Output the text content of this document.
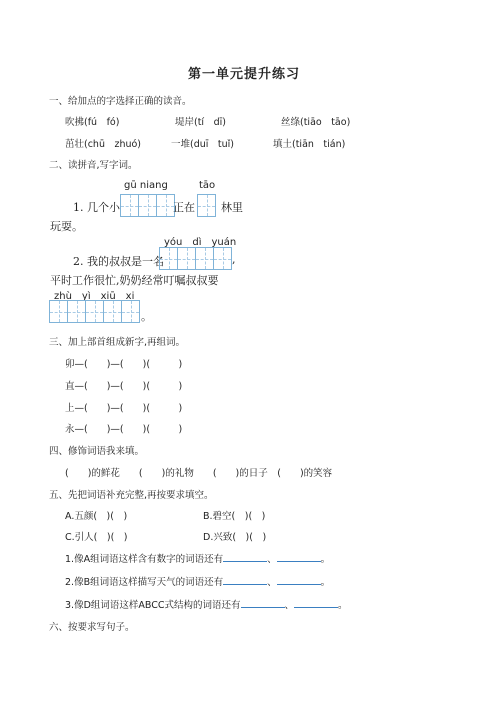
第一单元提升练习
一、给加点的字选择正确的读音。
吹拂(fú　fó)	堤岸(tí　dī)	丝绦(tiāo　tāo)
茁壮(chū　zhuó)	一堆(duī　tuǐ)	填土(tiān　tián)
二、读拼音,写字词。
gū niang	tāo
1. 几个小	正在 林里
玩耍。
yóu　dì　yuán
2. 我的叔叔是一名	,
平时工作很忙,奶奶经常叮嘱叔叔要
zhù　yì　xiū　xi
。
三、加上部首组成新字,再组词。
卯—(　　)—(　　)(　　　)
直—(　　)—(　　)(　　　)
上—(　　)—(　　)(　　　)
永—(　　)—(　　)(　　　)
四、修饰词语我来填。
(　　)的鲜花　　(　　)的礼物　　(　　)的日子　(　　)的笑容
五、先把词语补充完整,再按要求填空。
A.五颜(　)(　)	B.碧空(　)(　)
C.引人(　)(　)	D.兴致(　)(　)
1.像A组词语这样含有数字的词语还有	、	。
2.像B组词语这样描写天气的词语还有	、	。
3.像D组词语这样ABCC式结构的词语还有	、	。
六、按要求写句子。
